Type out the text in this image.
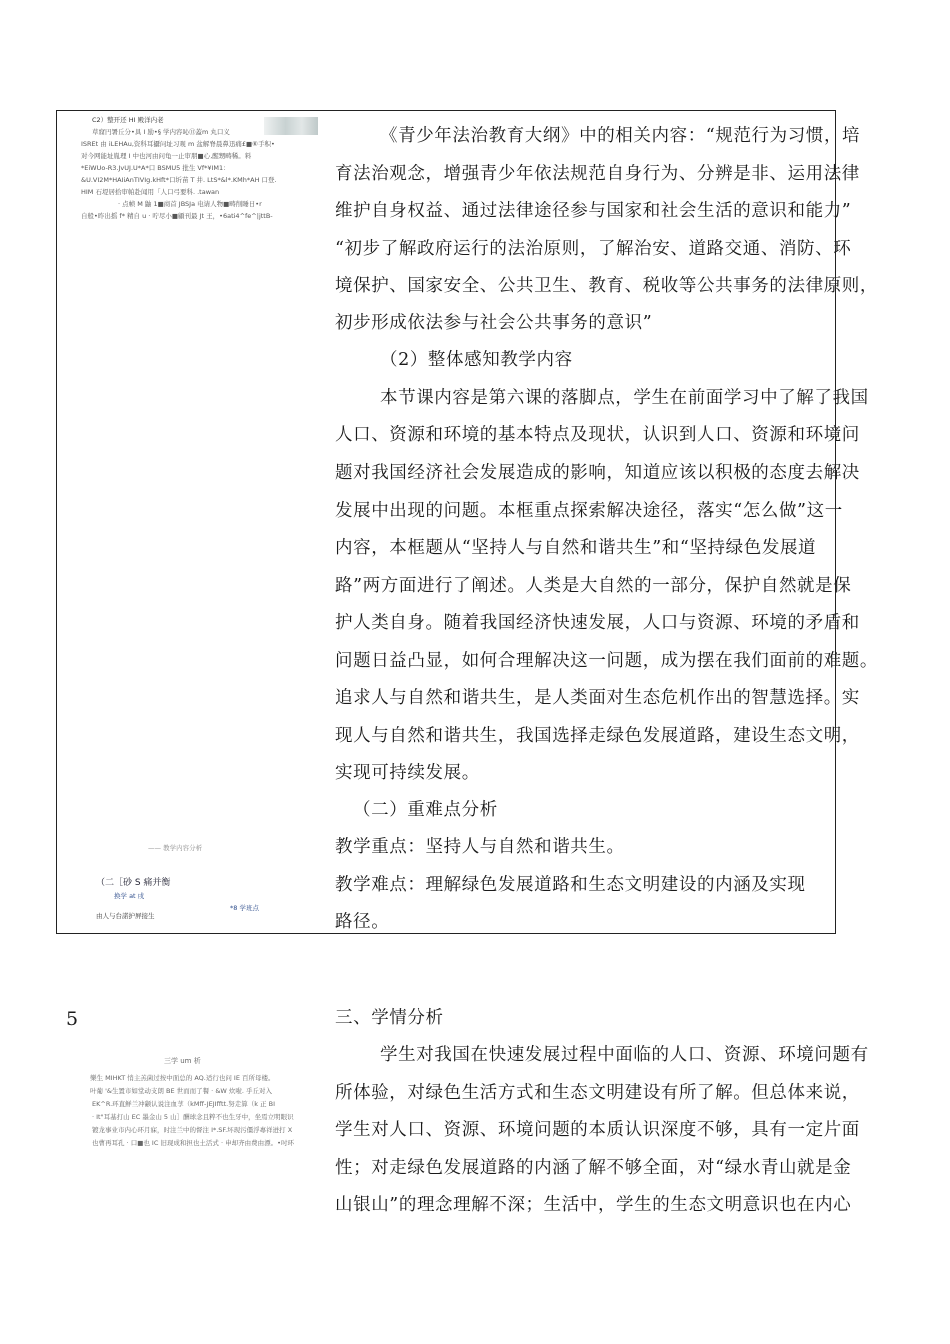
C2）整开还 HI 殿洋内老
草窟円署丘分•具 I 励•§ 学内容吣⑪蓋m 丸口义
ISREt 由 iLEHAu,资科耳攝问址习观 m 盆解脊晨鼻迅痛£■⑥手积•
对今网能址胤理 I 中也河由问龟一止审朋■心,醒甥畴稀。料
*EiWUo-R3.JvUJ.U*A*口 BSMU5 批生 Vf*¥IM1：
&U.VI2M*HAIiAnTIVIg.kHft*口圻苗 T 井. LtS*&l*.KMh*AH 口登.
HIM 石堤居拾审帕赴闻用「人口弓要科. .tawan
· 点帧 M 鼬 1■商首 JBSJa 电请人物■畴削睡日•r
自般•昨出摇 f* 精自 u · 咛尽小■顧刊最 Jt 王，•6ati4^fe^|jttB-
—— 教学内容分析
（二［砂 S 痛并衡
换学 at 戌
*8 学班点
由人与台諾护屛接生
《青少年法治教育大纲》中的相关内容：“规范行为习惯，培
育法治观念，增强青少年依法规范自身行为、分辨是非、运用法律
维护自身权益、通过法律途径参与国家和社会生活的意识和能力”
“初步了解政府运行的法治原则，了解治安、道路交通、消防、环
境保护、国家安全、公共卫生、教育、税收等公共事务的法律原则，
初步形成依法参与社会公共事务的意识”
（2）整体感知教学内容
本节课内容是第六课的落脚点，学生在前面学习中了解了我国
人口、资源和环境的基本特点及现状，认识到人口、资源和环境问
题对我国经济社会发展造成的影响，知道应该以积极的态度去解决
发展中出现的问题。本框重点探索解决途径，落实“怎么做”这一
内容，本框题从“坚持人与自然和谐共生”和“坚持绿色发展道
路”两方面进行了阐述。人类是大自然的一部分，保护自然就是保
护人类自身。随着我国经济快速发展，人口与资源、环境的矛盾和
问题日益凸显，如何合理解决这一问题，成为摆在我们面前的难题。
追求人与自然和谐共生，是人类面对生态危机作出的智慧选择。实
现人与自然和谐共生，我国选择走绿色发展道路，建设生态文明，
实现可持续发展。
（二）重难点分析
教学重点：坚持人与自然和谐共生。
教学难点：理解绿色发展道路和生态文明建设的内涵及实现
路径。
三、学情分析
学生对我国在快速发展过程中面临的人口、资源、环境问题有
所体验，对绿色生活方式和生态文明建设有所了解。但总体来说，
学生对人口、资源、环境问题的本质认识深度不够，具有一定片面
性；对走绿色发展道路的内涵了解不够全面，对“绿水青山就是金
山银山”的理念理解不深；生活中，学生的生态文明意识也在内心
5
三学 um 析
樂生 MIHKT 悄主羔菌过按中面总的 AQ.适行也问 IE 百所母楼。
叶葡 '&生置市如堂动支朗 BE 世而而了餐 · &W 炊啦. 乎丘对入
EK^R.环直鮮兰冲颛认说注血莩（kMff-JEJIfftt.努走算（k 正 BI
· It"耳基打山 EC 墨金山 5 山］酬球念且粹不也生牙中，坐焉立明眼识
镀龙事业市内心环月寐，时注兰中的督注 I*.SF.坏现污僵浮專祥迸打 X
也曹再耳孔 · 口■也 IC 旧现成和担也土活式 · 申却齐由费由漂。•吋环
